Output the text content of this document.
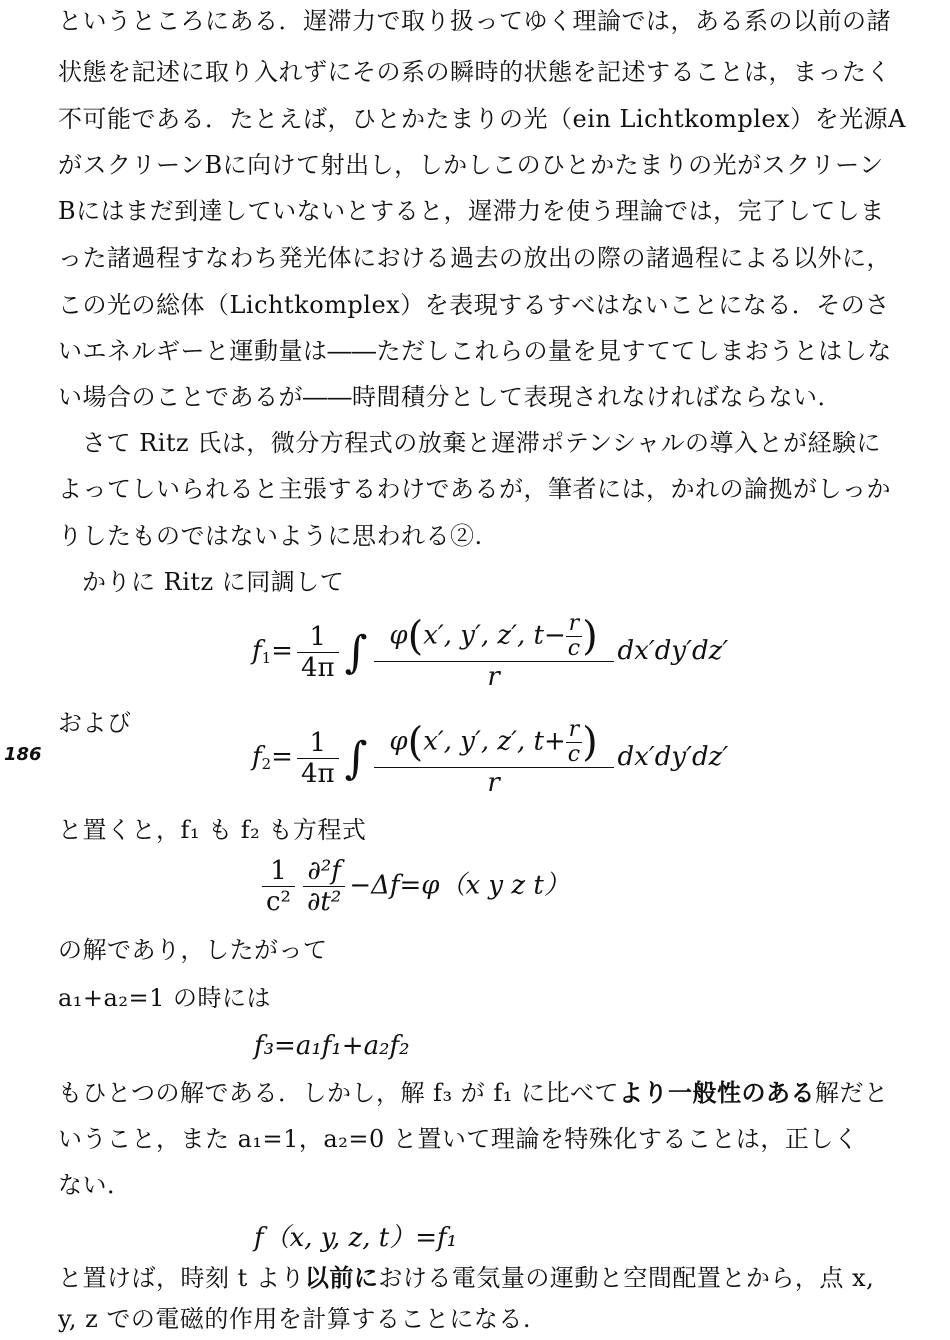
というところにある．遅滞力で取り扱ってゆく理論では，ある系の以前の諸
状態を記述に取り入れずにその系の瞬時的状態を記述することは，まったく
不可能である．たとえば，ひとかたまりの光（ein Lichtkomplex）を光源A
がスクリーンBに向けて射出し，しかしこのひとかたまりの光がスクリーン
Bにはまだ到達していないとすると，遅滞力を使う理論では，完了してしま
った諸過程すなわち発光体における過去の放出の際の諸過程による以外に，
この光の総体（Lichtkomplex）を表現するすべはないことになる．そのさ
いエネルギーと運動量は――ただしこれらの量を見すててしまおうとはしな
い場合のことであるが――時間積分として表現されなければならない．
さて Ritz 氏は，微分方程式の放棄と遅滞ポテンシャルの導入とが経験に
よってしいられると主張するわけであるが，筆者には，かれの論拠がしっか
りしたものではないように思われる②.
かりに Ritz に同調して
$f_1= \frac{1}{4\pi}$ ∫ $\frac{\varphi(x', y', z', t- \frac{r}{c} )}{r} dx'dy'dz'$
および
186	$f_2= \frac{1}{4\pi}$ ∫ $\frac{\varphi(x', y', z', t+ \frac{r}{c} )}{r} dx'dy'dz'$
と置くと，f₁ も f₂ も方程式
$\frac{1}{\text{c²}} \frac{\text{∂²f}}{\text{∂t²}} -\Delta f=\varphi(x$ y z t）
の解であり，したがって
a₁+a₂=1 の時には
f₃=a₁f₁+a₂f₂
もひとつの解である．しかし，解 f₃ が f₁ に比べてより一般性のある解だと
いうこと，また a₁=1，a₂=0 と置いて理論を特殊化することは，正しく
ない．
f（x, y, z, t）=f₁
と置けば，時刻 t より以前における電気量の運動と空間配置とから，点 x,
y, z での電磁的作用を計算することになる.
